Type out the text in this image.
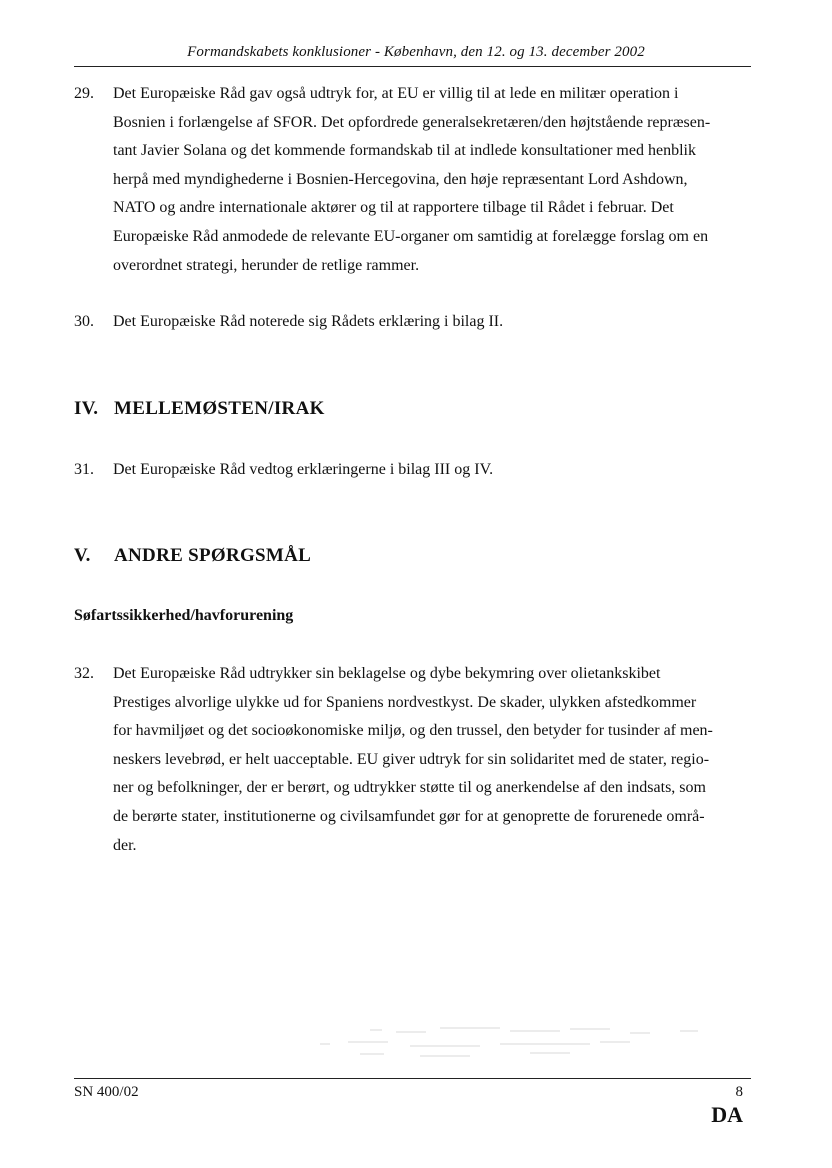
Formandskabets konklusioner - København, den 12. og 13. december 2002
29.	Det Europæiske Råd gav også udtryk for, at EU er villig til at lede en militær operation i
Bosnien i forlængelse af SFOR. Det opfordrede generalsekretæren/den højtstående repræsen-
tant Javier Solana og det kommende formandskab til at indlede konsultationer med henblik
herpå med myndighederne i Bosnien-Hercegovina, den høje repræsentant Lord Ashdown,
NATO og andre internationale aktører og til at rapportere tilbage til Rådet i februar. Det
Europæiske Råd anmodede de relevante EU-organer om samtidig at forelægge forslag om en
overordnet strategi, herunder de retlige rammer.
30.	Det Europæiske Råd noterede sig Rådets erklæring i bilag II.
IV. MELLEMØSTEN/IRAK
31.	Det Europæiske Råd vedtog erklæringerne i bilag III og IV.
V. ANDRE SPØRGSMÅL
Søfartssikkerhed/havforurening
32.	Det Europæiske Råd udtrykker sin beklagelse og dybe bekymring over olietankskibet
Prestiges alvorlige ulykke ud for Spaniens nordvestkyst. De skader, ulykken afstedkommer
for havmiljøet og det socioøkonomiske miljø, og den trussel, den betyder for tusinder af men-
neskers levebrød, er helt uacceptable. EU giver udtryk for sin solidaritet med de stater, regio-
ner og befolkninger, der er berørt, og udtrykker støtte til og anerkendelse af den indsats, som
de berørte stater, institutionerne og civilsamfundet gør for at genoprette de forurenede områ-
der.
SN 400/02	8
DA
